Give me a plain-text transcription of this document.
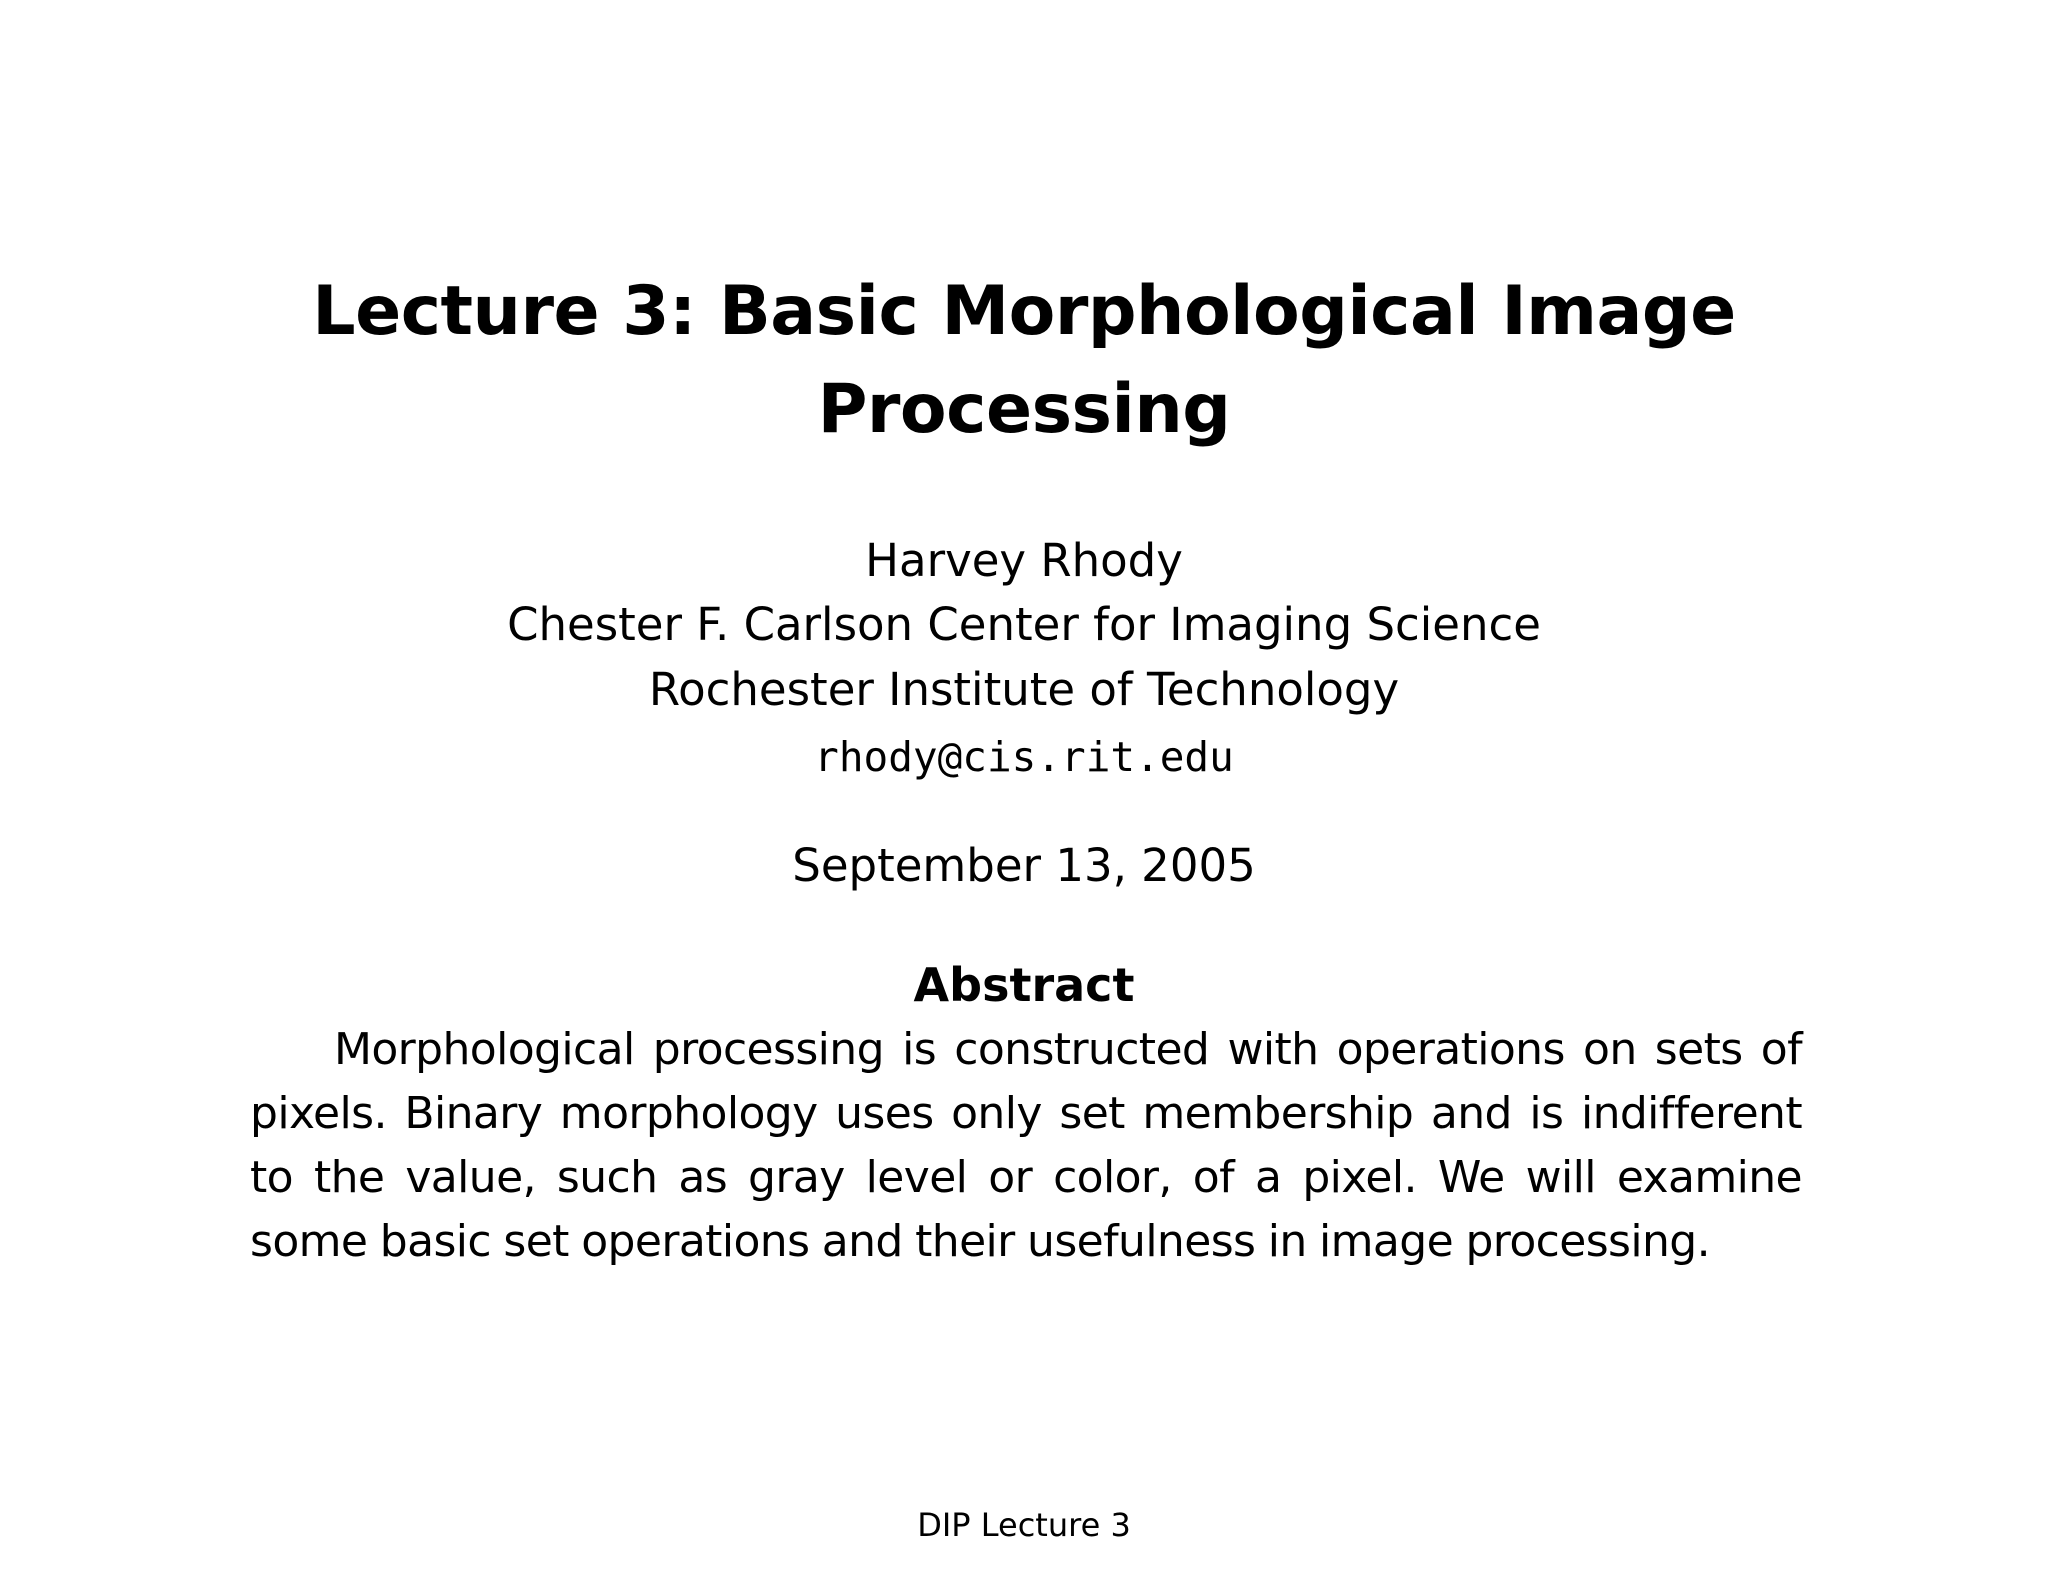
Lecture 3: Basic Morphological Image
Processing
Harvey Rhody
Chester F. Carlson Center for Imaging Science
Rochester Institute of Technology
rhody@cis.rit.edu
September 13, 2005
Abstract
Morphological processing is constructed with operations on sets of pixels. Binary morphology uses only set membership and is indifferent to the value, such as gray level or color, of a pixel. We will examine some basic set operations and their usefulness in image processing.
DIP Lecture 3
